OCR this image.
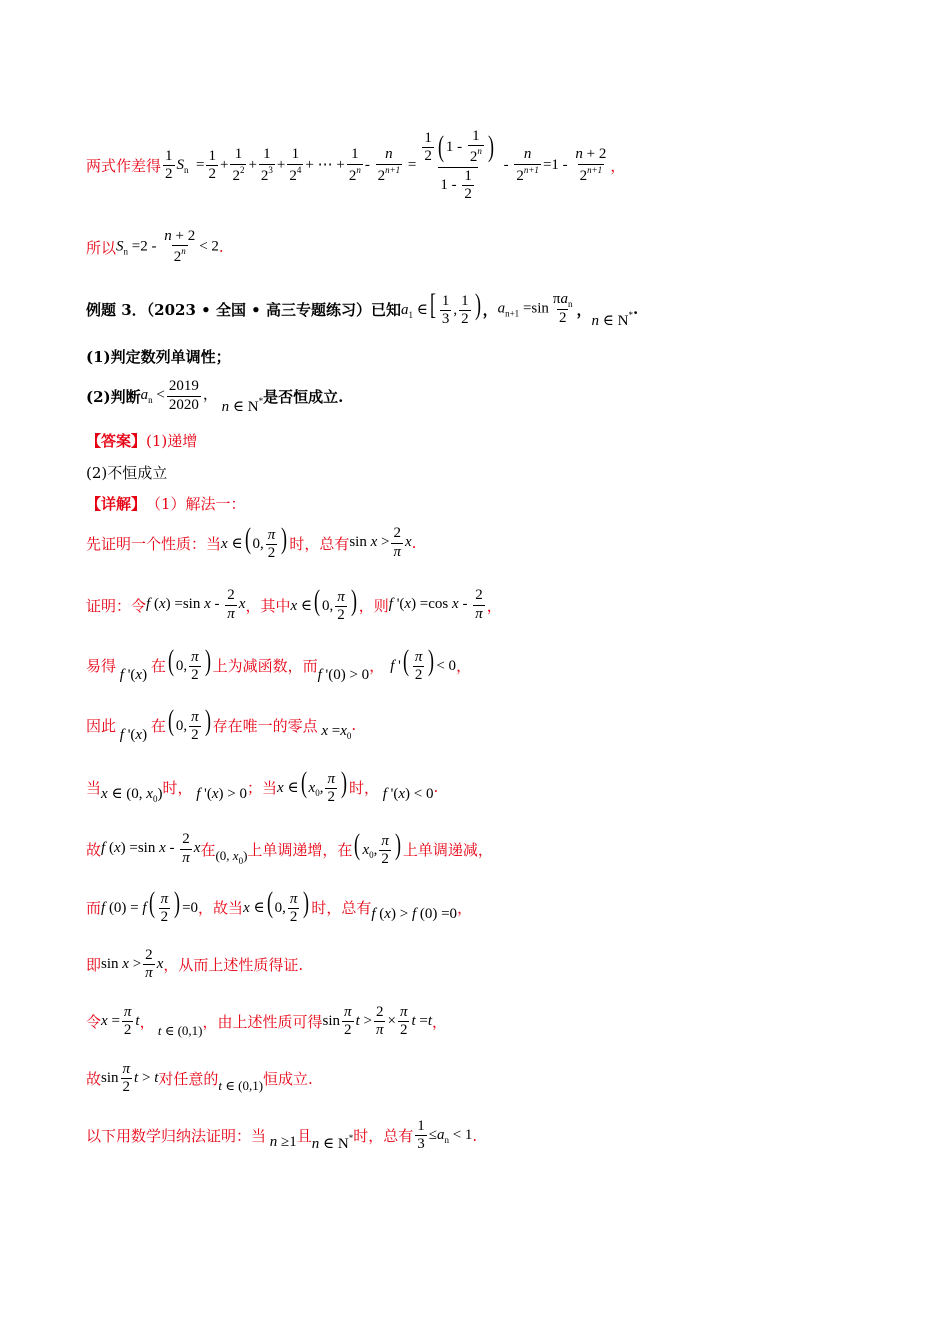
两式作差得 $\frac{1}{2} S_n = \frac{1}{2} + \frac{1}{2^2} + \frac{1}{2^3} + \frac{1}{2^4}$ + ⋯ + $\frac{1}{2^n} - \frac{n}{2^{n+1}} = \frac{\frac{1}{2} ( 1 - \frac{1}{2^n} )}{1 - \frac{1}{2}} - \frac{n}{2^{n+1}} =1 - \frac{n + 2}{2^{n+1}}$ ，
所以 $S_n =2 - \frac{n + 2}{2^n} < 2$ .
例题 3．（2023 • 全国 • 高三专题练习）已知 $a_1$ ∈[ $\frac{1}{3}$ , $\frac{1}{2}$ ) ， $a_{n+1} =\sin \frac{\pi a_n}{2}$ ，
n ∈ N* .
(1)判定数列单调性；
(2)判断 $a_n < \frac{2019}{2020}$ ，
n ∈ N* 是否恒成立.
【答案】 (1)递增
(2)不恒成立
【详解】 （1）解法一：
先证明一个性质：当 x ∈( 0, $\frac{\pi}{2}$ ) 时，总有 $\sin x > \frac{2}{\pi}$ x .
证明：令 f (x) =sin x - $\frac{2}{\pi}$ x ，其中 x ∈( 0, $\frac{\pi}{2}$ ) ，则 f '(x) =cos x - $\frac{2}{\pi}$ ，
易得 f '(x) 在 ( 0, $\frac{\pi}{2}$ ) 上为减函数，而 f '(0) > 0 ， f '( $\frac{\pi}{2}$ ) < 0 ，
因此 f '(x) 在 ( 0, $\frac{\pi}{2}$ ) 存在唯一的零点 $x =x_0$
.
当 x ∈ (0, $x_0$) 时， f '(x) > 0 ；当 x ∈( $x_0$, $\frac{\pi}{2}$ ) 时， f '(x) < 0 .
故 f (x) =sin x - $\frac{2}{\pi}$ x 在 (0, $x_0$) 上单调递增，在 ( $x_0$, $\frac{\pi}{2}$ ) 上单调递减，
而 f $(0) = f( \frac{\pi}{2}$ ) =0 ，故当 x ∈( 0, $\frac{\pi}{2}$ ) 时，总有 f (x) > f (0) =0 ，
即 $\sin x > \frac{2}{\pi}$ x ，从而上述性质得证.
令 $x = \frac{\pi}{2}$ t ， t ∈ (0,1) ，由上述性质可得 $\sin \frac{\pi}{2}$ $t > \frac{2}{\pi} \times \frac{\pi}{2}$ t =t ，
故 $\sin \frac{\pi}{2}$ t > t 对任意的 t ∈ (0,1) 恒成立.
以下用数学归纳法证明：当 n ≥1 且 n ∈ N* 时，总有 $\frac{1}{3} \le a_n < 1$ .
